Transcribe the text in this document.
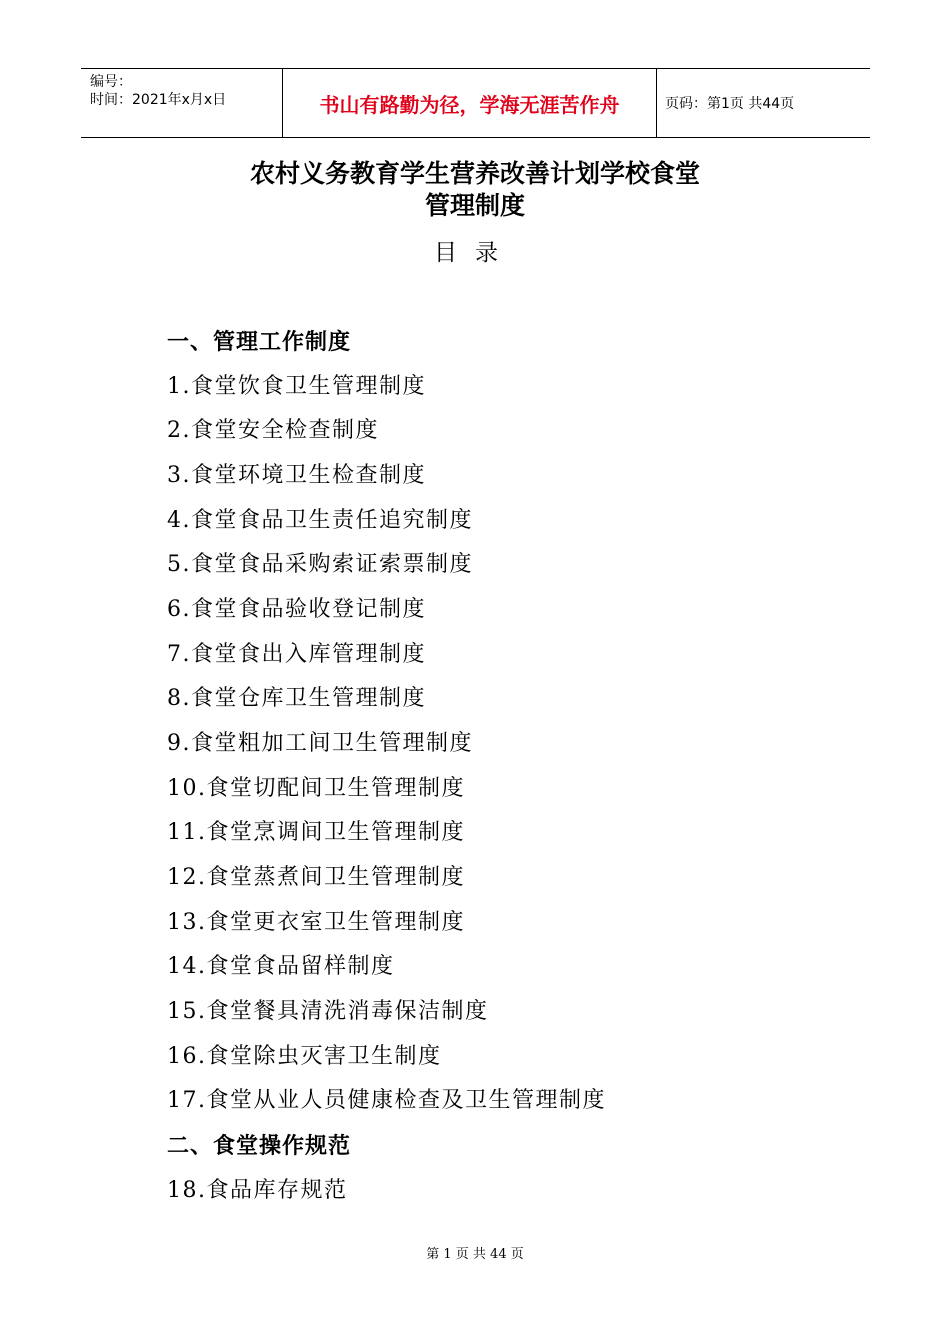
编号：
时间：2021年x月x日	书山有路勤为径，学海无涯苦作舟	页码：第1页 共44页
农村义务教育学生营养改善计划学校食堂
管理制度
目录
一、管理工作制度
1.食堂饮食卫生管理制度
2.食堂安全检查制度
3.食堂环境卫生检查制度
4.食堂食品卫生责任追究制度
5.食堂食品采购索证索票制度
6.食堂食品验收登记制度
7.食堂食出入库管理制度
8.食堂仓库卫生管理制度
9.食堂粗加工间卫生管理制度
10.食堂切配间卫生管理制度
11.食堂烹调间卫生管理制度
12.食堂蒸煮间卫生管理制度
13.食堂更衣室卫生管理制度
14.食堂食品留样制度
15.食堂餐具清洗消毒保洁制度
16.食堂除虫灭害卫生制度
17.食堂从业人员健康检查及卫生管理制度
二、食堂操作规范
18.食品库存规范
第 1 页 共 44 页
